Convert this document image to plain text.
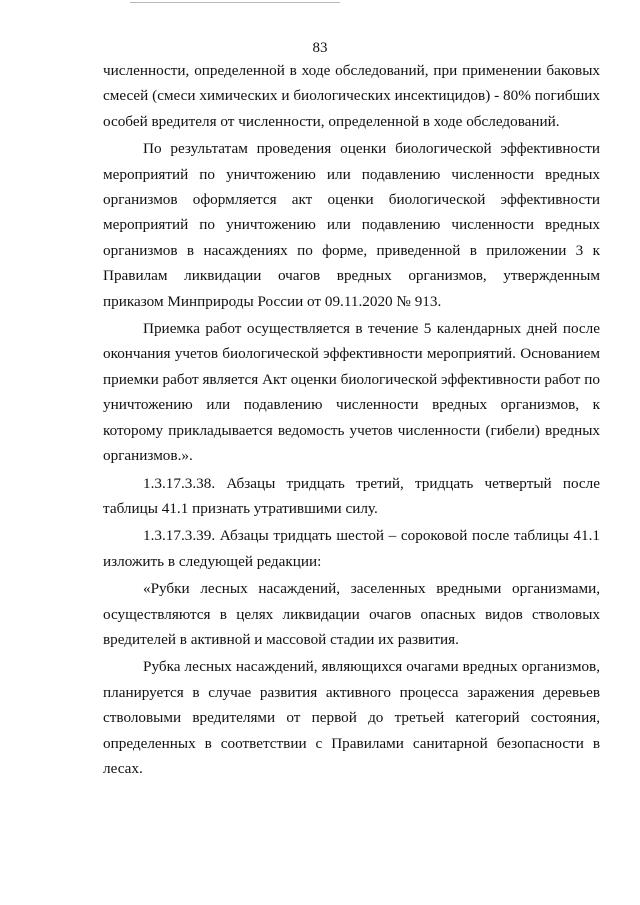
83

численности, определенной в ходе обследований, при применении баковых смесей (смеси химических и биологических инсектицидов) - 80% погибших особей вредителя от численности, определенной в ходе обследований.

По результатам проведения оценки биологической эффективности мероприятий по уничтожению или подавлению численности вредных организмов оформляется акт оценки биологической эффективности мероприятий по уничтожению или подавлению численности вредных организмов в насаждениях по форме, приведенной в приложении 3 к Правилам ликвидации очагов вредных организмов, утвержденным приказом Минприроды России от 09.11.2020 № 913.

Приемка работ осуществляется в течение 5 календарных дней после окончания учетов биологической эффективности мероприятий. Основанием приемки работ является Акт оценки биологической эффективности работ по уничтожению или подавлению численности вредных организмов, к которому прикладывается ведомость учетов численности (гибели) вредных организмов.».

1.3.17.3.38. Абзацы тридцать третий, тридцать четвертый после таблицы 41.1 признать утратившими силу.

1.3.17.3.39. Абзацы тридцать шестой – сороковой после таблицы 41.1 изложить в следующей редакции:

«Рубки лесных насаждений, заселенных вредными организмами, осуществляются в целях ликвидации очагов опасных видов стволовых вредителей в активной и массовой стадии их развития.

Рубка лесных насаждений, являющихся очагами вредных организмов, планируется в случае развития активного процесса заражения деревьев стволовыми вредителями от первой до третьей категорий состояния, определенных в соответствии с Правилами санитарной безопасности в лесах.
